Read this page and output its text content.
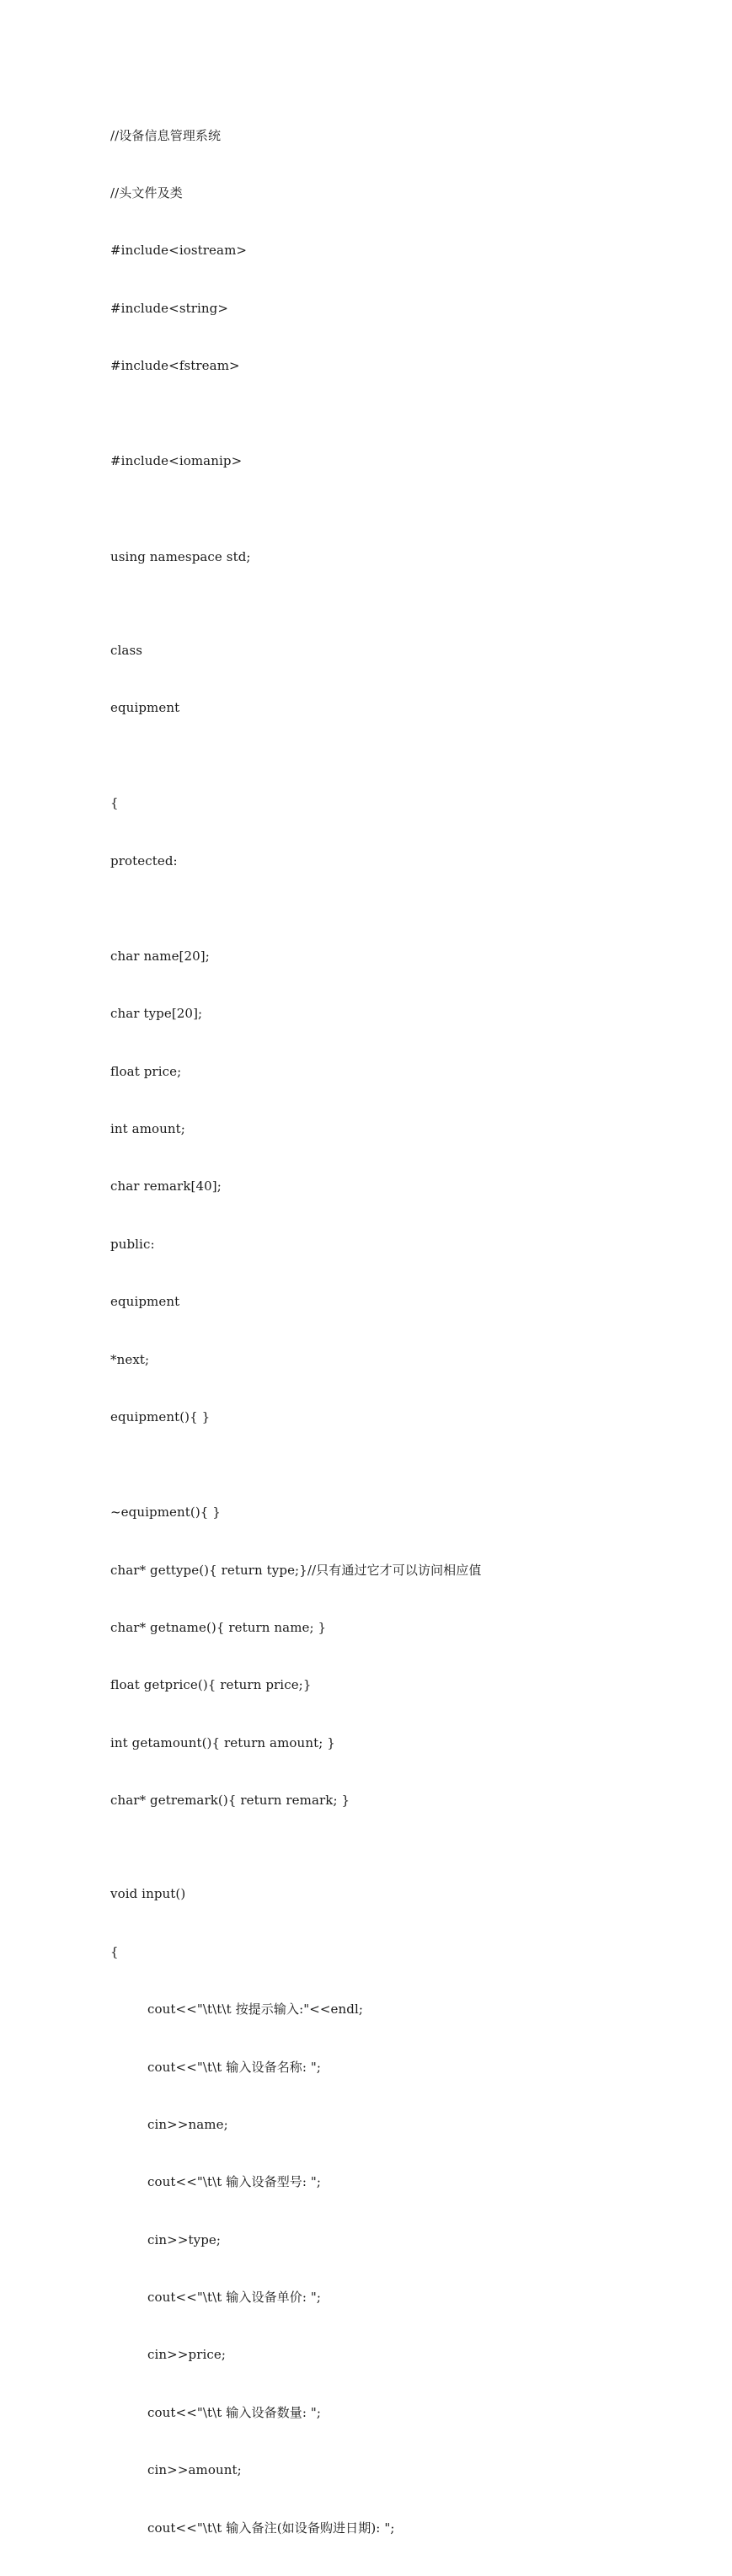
//设备信息管理系统

//头文件及类

#include<iostream>

#include<string>

#include<fstream>

#include<iomanip>

using namespace std;

class

equipment

{

protected:

char name[20];

char type[20];

float price;

int amount;

char remark[40];

public:

equipment

*next;

equipment(){ }

~equipment(){ }

char* gettype(){ return type;}//只有通过它才可以访问相应值

char* getname(){ return name; }

float getprice(){ return price;}

int getamount(){ return amount; }

char* getremark(){ return remark; }

void input()

{

cout<<"\t\t\t 按提示输入:"<<endl;

cout<<"\t\t 输入设备名称: ";

cin>>name;

cout<<"\t\t 输入设备型号: ";

cin>>type;

cout<<"\t\t 输入设备单价: ";

cin>>price;

cout<<"\t\t 输入设备数量: ";

cin>>amount;

cout<<"\t\t 输入备注(如设备购进日期): ";
